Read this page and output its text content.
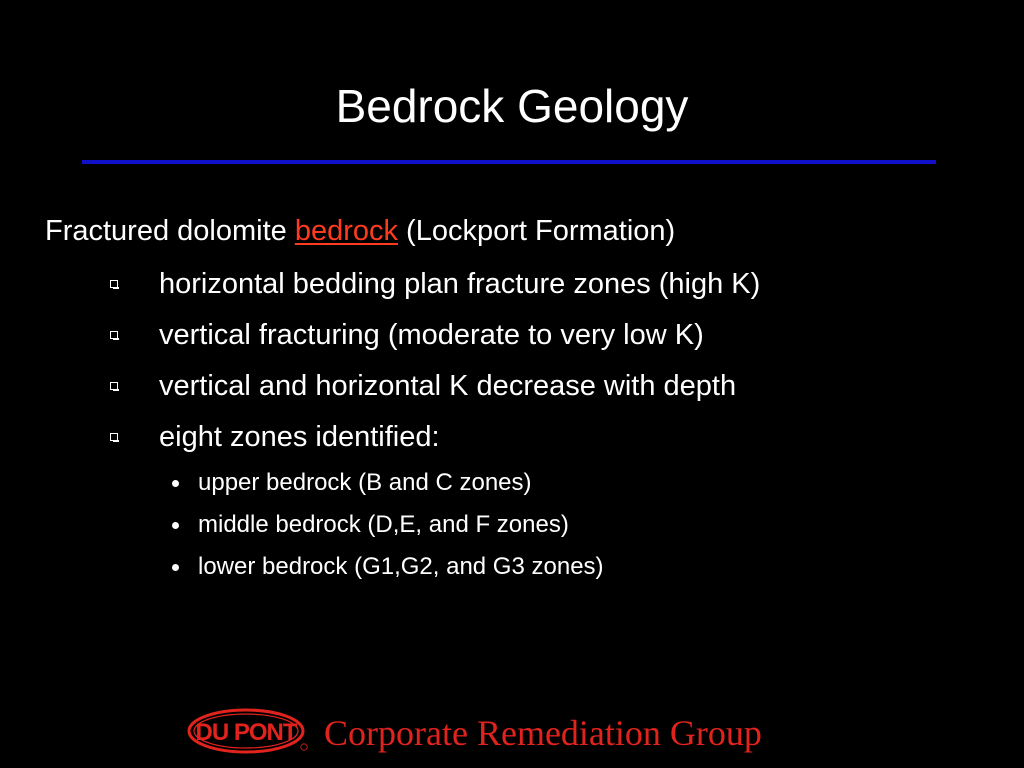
Bedrock Geology
Fractured dolomite bedrock (Lockport Formation)
horizontal bedding plan fracture zones (high K)
vertical fracturing (moderate to very low K)
vertical and horizontal K decrease with depth
eight zones identified:
upper bedrock (B and C zones)
middle bedrock (D,E, and F zones)
lower bedrock (G1,G2, and G3 zones)
DU PONT Corporate Remediation Group
